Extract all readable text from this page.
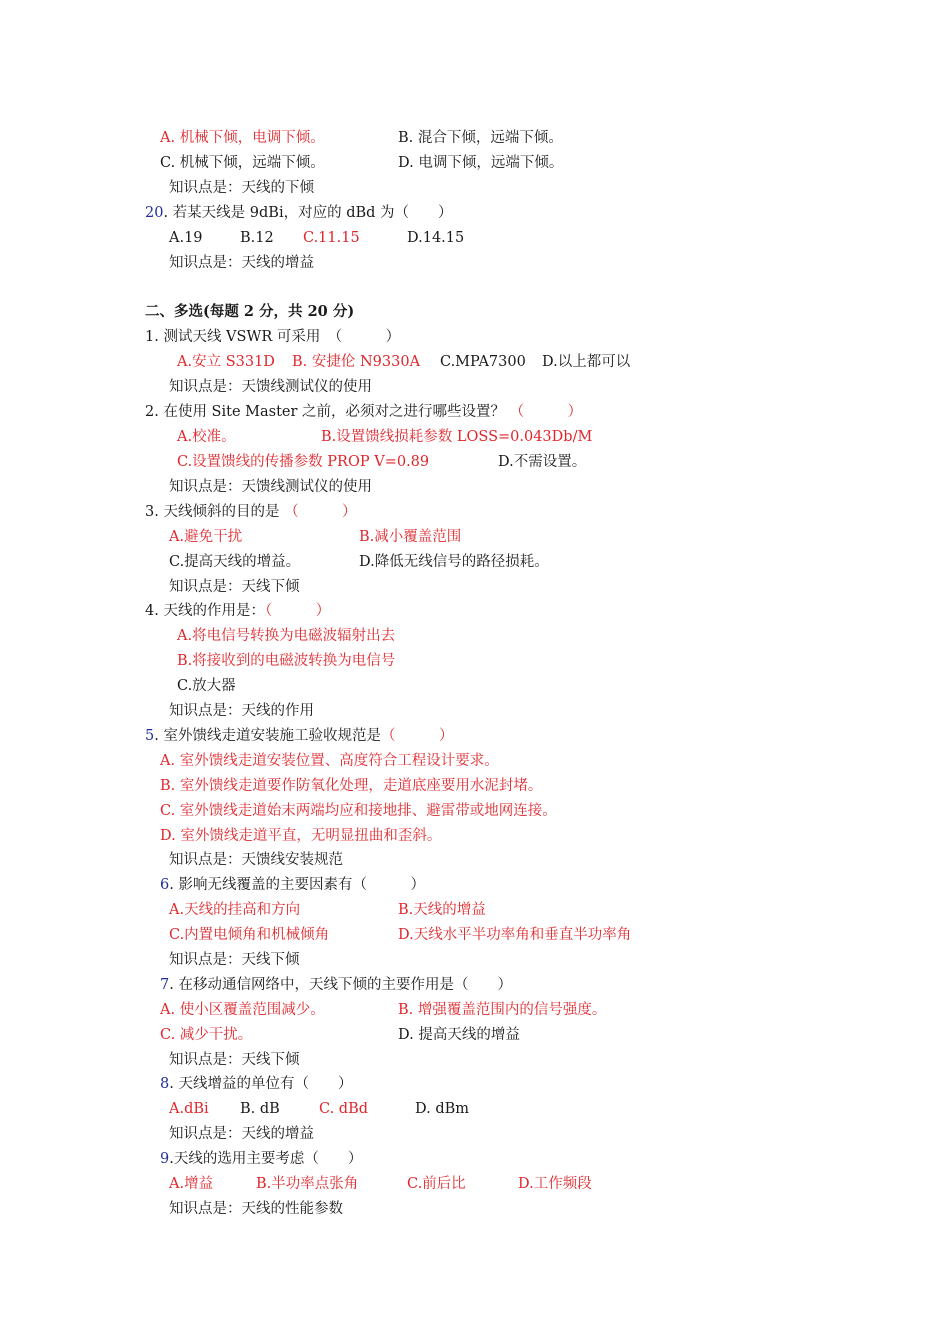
A. 机械下倾，电调下倾。	B. 混合下倾，远端下倾。
C. 机械下倾，远端下倾。	D. 电调下倾，远端下倾。
知识点是：天线的下倾
20. 若某天线是 9dBi，对应的 dBd 为（　　）
A.19	B.12 C.11.15	D.14.15
知识点是：天线的增益
二、多选(每题 2 分，共 20 分)
1. 测试天线 VSWR 可采用　（　　　）
A.安立 S331D B. 安捷伦 N9330A C.MPA7300 D.以上都可以
知识点是：天馈线测试仪的使用
2. 在使用 Site Master 之前，必须对之进行哪些设置？ （　　　）
A.校准。	B.设置馈线损耗参数 LOSS=0.043Db/M
C.设置馈线的传播参数 PROP V=0.89	D.不需设置。
知识点是：天馈线测试仪的使用
3. 天线倾斜的目的是 （　　　）
A.避免干扰	B.减小覆盖范围
C.提高天线的增益。	D.降低无线信号的路径损耗。
知识点是：天线下倾
4. 天线的作用是：（　　　）
A.将电信号转换为电磁波辐射出去
B.将接收到的电磁波转换为电信号
C.放大器
知识点是：天线的作用
5. 室外馈线走道安装施工验收规范是（　　　）
A. 室外馈线走道安装位置、高度符合工程设计要求。
B. 室外馈线走道要作防氧化处理，走道底座要用水泥封堵。
C. 室外馈线走道始末两端均应和接地排、避雷带或地网连接。
D. 室外馈线走道平直，无明显扭曲和歪斜。
知识点是：天馈线安装规范
6. 影响无线覆盖的主要因素有（　　　）
A.天线的挂高和方向	B.天线的增益
C.内置电倾角和机械倾角	D.天线水平半功率角和垂直半功率角
知识点是：天线下倾
7. 在移动通信网络中，天线下倾的主要作用是（　　）
A. 使小区覆盖范围减少。	B. 增强覆盖范围内的信号强度。
C. 减少干扰。	D. 提高天线的增益
知识点是：天线下倾
8. 天线增益的单位有（　　）
A.dBi B. dB	C. dBd	D. dBm
知识点是：天线的增益
9.天线的选用主要考虑（　　）
A.增益	B.半功率点张角	C.前后比	D.工作频段
知识点是：天线的性能参数
